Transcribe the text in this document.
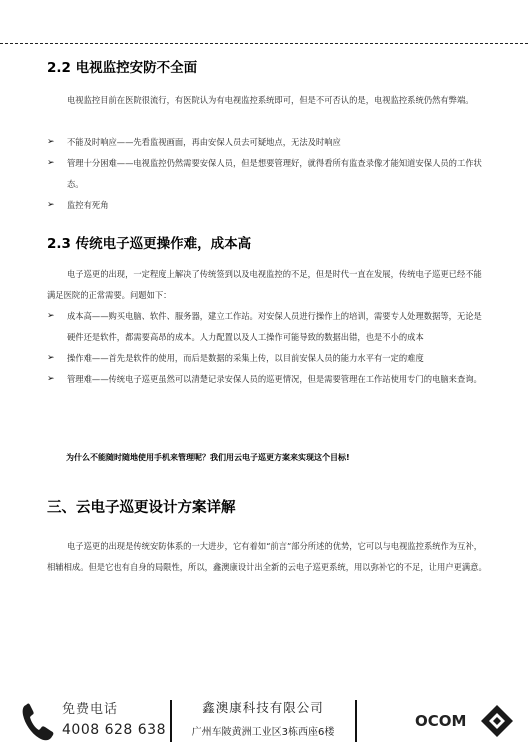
2.2 电视监控安防不全面

电视监控目前在医院很流行，有医院认为有电视监控系统即可，但是不可否认的是，电视监控系统仍然有弊端。

➢	不能及时响应——先看监视画面，再由安保人员去可疑地点，无法及时响应
➢	管理十分困难——电视监控仍然需要安保人员，但是想要管理好，就得看所有监查录像才能知道安保人员的工作状态。
➢	监控有死角
2.3 传统电子巡更操作难，成本高

电子巡更的出现，一定程度上解决了传统签到以及电视监控的不足，但是时代一直在发展，传统电子巡更已经不能满足医院的正常需要。问题如下：

➢	成本高——购买电脑、软件、服务器，建立工作站。对安保人员进行操作上的培训，需要专人处理数据等，无论是硬件还是软件，都需要高昂的成本。人力配置以及人工操作可能导致的数据出错，也是不小的成本
➢	操作难——首先是软件的使用，而后是数据的采集上传，以目前安保人员的能力水平有一定的难度
➢	管理难——传统电子巡更虽然可以清楚记录安保人员的巡更情况，但是需要管理在工作站使用专门的电脑来查询。

为什么不能随时随地使用手机来管理呢？我们用云电子巡更方案来实现这个目标!

三、云电子巡更设计方案详解

电子巡更的出现是传统安防体系的一大进步，它有着如“前言”部分所述的优势，它可以与电视监控系统作为互补，相辅相成。但是它也有自身的局限性，所以，鑫澳康设计出全新的云电子巡更系统，用以弥补它的不足，让用户更满意。

免费电话
4008 628 638
鑫澳康科技有限公司
广州车陂黄洲工业区3栋西座6楼
OCOM
